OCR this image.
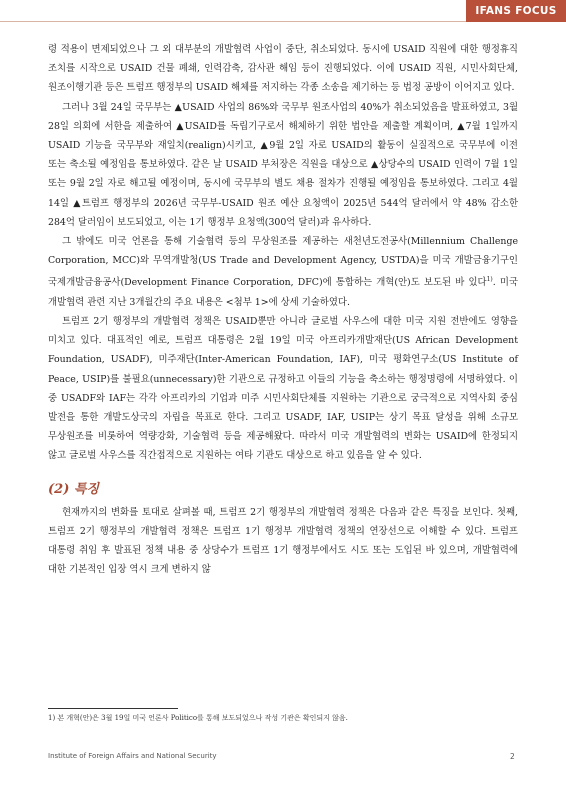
IFANS FOCUS

령 적용이 면제되었으나 그 외 대부분의 개발협력 사업이 중단, 취소되었다. 동시에 USAID 직원에 대한 행정휴직 조치를 시작으로 USAID 건물 폐쇄, 인력감축, 감사관 해임 등이 진행되었다. 이에 USAID 직원, 시민사회단체, 원조이행기관 등은 트럼프 행정부의 USAID 해체를 저지하는 각종 소송을 제기하는 등 법정 공방이 이어지고 있다.

그러나 3월 24일 국무부는 ▲USAID 사업의 86%와 국무부 원조사업의 40%가 취소되었음을 발표하였고, 3월 28일 의회에 서한을 제출하여 ▲USAID를 독립기구로서 해체하기 위한 법안을 제출할 계획이며, ▲7월 1일까지 USAID 기능을 국무부와 재일치(realign)시키고, ▲9월 2일 자로 USAID의 활동이 실질적으로 국무부에 이전 또는 축소될 예정임을 통보하였다. 같은 날 USAID 부처장은 직원을 대상으로 ▲상당수의 USAID 인력이 7월 1일 또는 9월 2일 자로 해고될 예정이며, 동시에 국무부의 별도 채용 절차가 진행될 예정임을 통보하였다. 그리고 4월 14일 ▲트럼프 행정부의 2026년 국무부-USAID 원조 예산 요청액이 2025년 544억 달러에서 약 48% 감소한 284억 달러임이 보도되었고, 이는 1기 행정부 요청액(300억 달러)과 유사하다.

그 밖에도 미국 언론을 통해 기술협력 등의 무상원조를 제공하는 새천년도전공사(Millennium Challenge Corporation, MCC)와 무역개발청(US Trade and Development Agency, USTDA)을 미국 개발금융기구인 국제개발금융공사(Development Finance Corporation, DFC)에 통합하는 개혁(안)도 보도된 바 있다$^{1)}$. 미국 개발협력 관련 지난 3개월간의 주요 내용은 <첨부 1>에 상세 기술하였다.

트럼프 2기 행정부의 개발협력 정책은 USAID뿐만 아니라 글로벌 사우스에 대한 미국 지원 전반에도 영향을 미치고 있다. 대표적인 예로, 트럼프 대통령은 2월 19일 미국 아프리카개발재단(US African Development Foundation, USADF), 미주재단(Inter-American Foundation, IAF), 미국 평화연구소(US Institute of Peace, USIP)를 불필요(unnecessary)한 기관으로 규정하고 이들의 기능을 축소하는 행정명령에 서명하였다. 이 중 USADF와 IAF는 각각 아프리카의 기업과 미주 시민사회단체를 지원하는 기관으로 궁극적으로 지역사회 중심 발전을 통한 개발도상국의 자립을 목표로 한다. 그리고 USADF, IAF, USIP는 상기 목표 달성을 위해 소규모 무상원조를 비롯하여 역량강화, 기술협력 등을 제공해왔다. 따라서 미국 개발협력의 변화는 USAID에 한정되지 않고 글로벌 사우스를 직간접적으로 지원하는 여타 기관도 대상으로 하고 있음을 알 수 있다.

(2) 특징

현재까지의 변화를 토대로 살펴볼 때, 트럼프 2기 행정부의 개발협력 정책은 다음과 같은 특징을 보인다. 첫째, 트럼프 2기 행정부의 개발협력 정책은 트럼프 1기 행정부 개발협력 정책의 연장선으로 이해할 수 있다. 트럼프 대통령 취임 후 발표된 정책 내용 중 상당수가 트럼프 1기 행정부에서도 시도 또는 도입된 바 있으며, 개발협력에 대한 기본적인 입장 역시 크게 변하지 않

1) 본 개혁(안)은 3월 19일 미국 언론사 Politico를 통해 보도되었으나 작성 기관은 확인되지 않음.
Institute of Foreign Affairs and National Security	2
